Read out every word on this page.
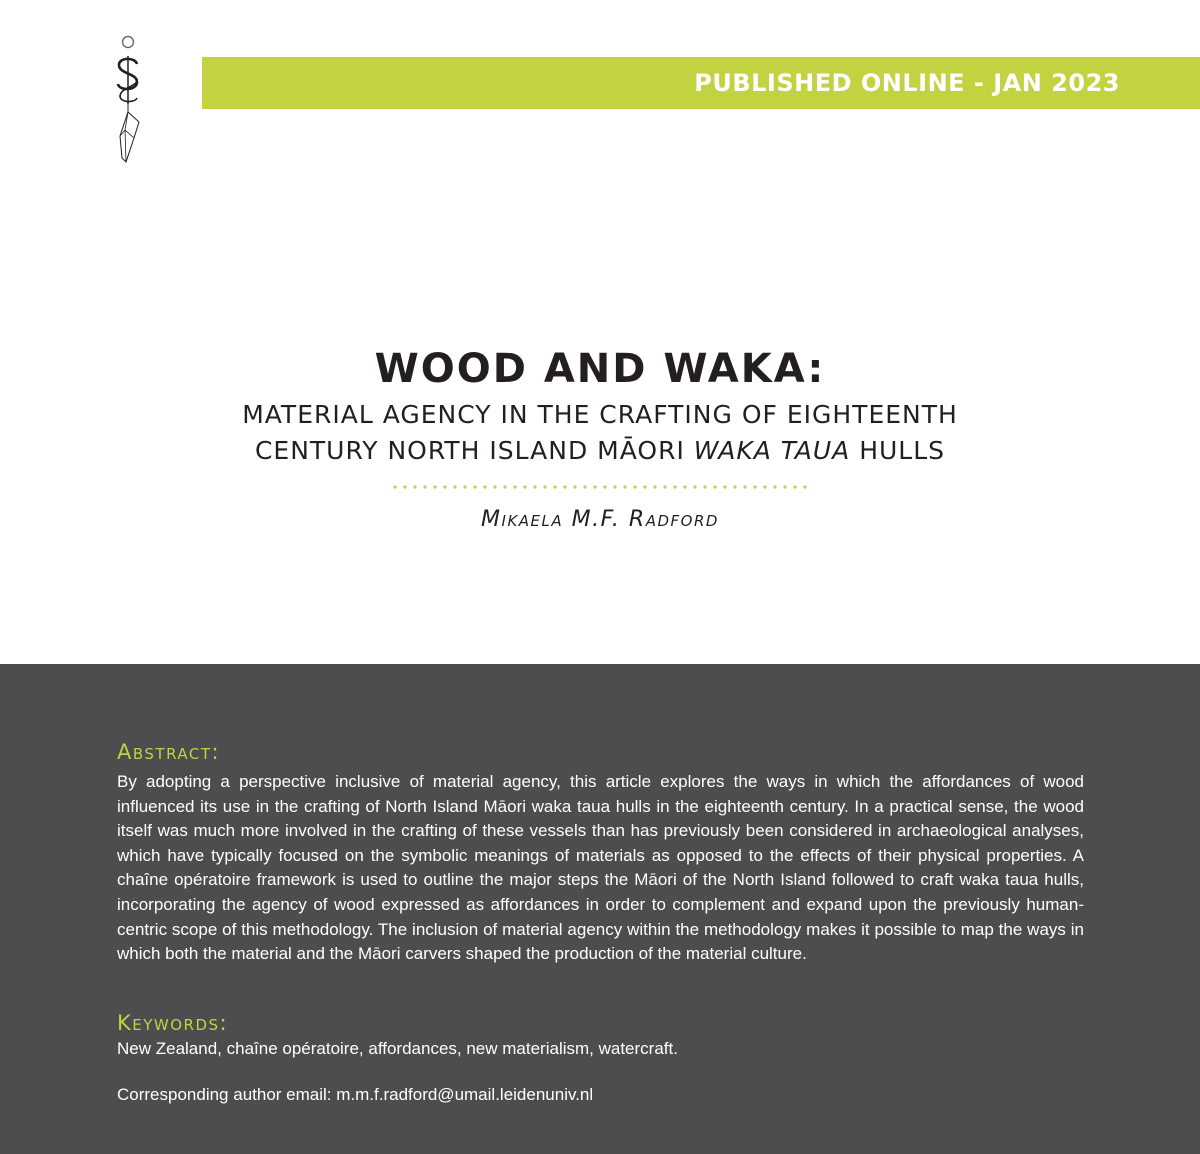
PUBLISHED ONLINE - JAN 2023
WOOD AND WAKA:
MATERIAL AGENCY IN THE CRAFTING OF EIGHTEENTH
CENTURY NORTH ISLAND MĀORI WAKA TAUA HULLS
Mikaela M.F. Radford
Abstract:
By adopting a perspective inclusive of material agency, this article explores the ways in which the affordances of wood influenced its use in the crafting of North Island Māori waka taua hulls in the eighteenth century. In a practical sense, the wood itself was much more involved in the crafting of these vessels than has previously been considered in archaeological analyses, which have typically focused on the symbolic meanings of materials as opposed to the effects of their physical properties. A chaîne opératoire framework is used to outline the major steps the Māori of the North Island followed to craft waka taua hulls, incorporating the agency of wood expressed as affordances in order to complement and expand upon the previously human-centric scope of this methodology. The inclusion of material agency within the methodology makes it possible to map the ways in which both the material and the Māori carvers shaped the production of the material culture.
Keywords:
New Zealand, chaîne opératoire, affordances, new materialism, watercraft.
Corresponding author email: m.m.f.radford@umail.leidenuniv.nl
